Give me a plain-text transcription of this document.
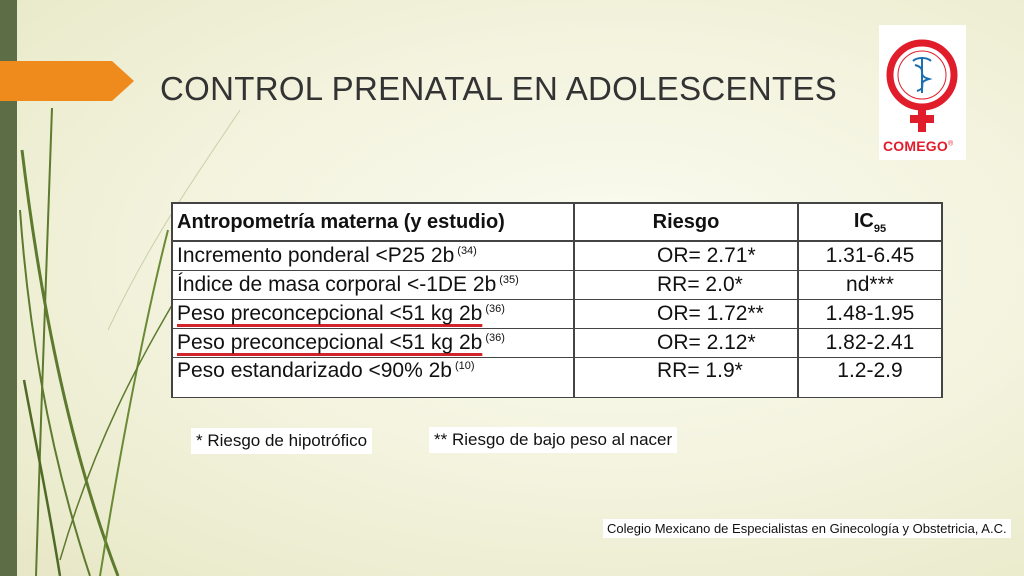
CONTROL PRENATAL EN ADOLESCENTES
COMEGO®
Antropometría materna (y estudio)	Riesgo	$IC_{95}$
Incremento ponderal <P25 2b $^{(34)}$	OR= 2.71*	1.31-6.45
Índice de masa corporal <-1DE 2b $^{(35)}$	RR= 2.0*	nd***
Peso preconcepcional <51 kg 2b $^{(36)}$	OR= 1.72**	1.48-1.95
Peso preconcepcional <51 kg 2b $^{(36)}$	OR= 2.12*	1.82-2.41
Peso estandarizado <90% 2b $^{(10)}$	RR= 1.9*	1.2-2.9
* Riesgo de hipotrófico	** Riesgo de bajo peso al nacer
Colegio Mexicano de Especialistas en Ginecología y Obstetricia, A.C.
